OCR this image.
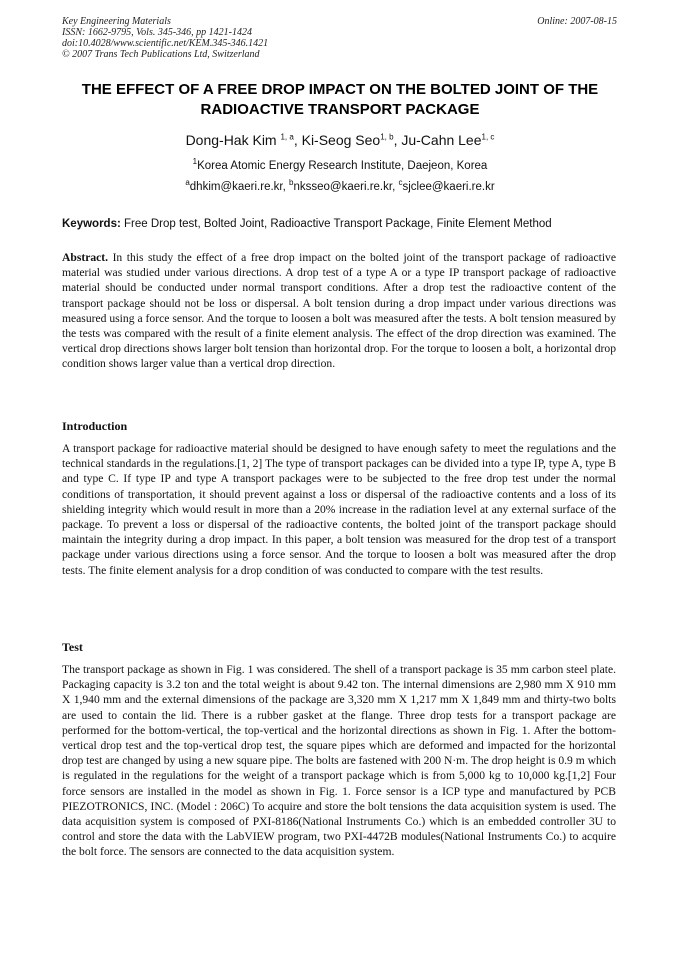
Key Engineering Materials
ISSN: 1662-9795, Vols. 345-346, pp 1421-1424
doi:10.4028/www.scientific.net/KEM.345-346.1421
© 2007 Trans Tech Publications Ltd, Switzerland
Online: 2007-08-15
THE EFFECT OF A FREE DROP IMPACT ON THE BOLTED JOINT OF THE RADIOACTIVE TRANSPORT PACKAGE
Dong-Hak Kim $^{1, a}$, Ki-Seog Seo$^{1, b}$, Ju-Cahn Lee$^{1, c}$
$^1$Korea Atomic Energy Research Institute, Daejeon, Korea
$^a$dhkim@kaeri.re.kr, $^b$nksseo@kaeri.re.kr, $^c$sjclee@kaeri.re.kr
Keywords: Free Drop test, Bolted Joint, Radioactive Transport Package, Finite Element Method
Abstract. In this study the effect of a free drop impact on the bolted joint of the transport package of radioactive material was studied under various directions. A drop test of a type A or a type IP transport package of radioactive material should be conducted under normal transport conditions. After a drop test the radioactive content of the transport package should not be loss or dispersal. A bolt tension during a drop impact under various directions was measured using a force sensor. And the torque to loosen a bolt was measured after the tests. A bolt tension measured by the tests was compared with the result of a finite element analysis. The effect of the drop direction was examined. The vertical drop directions shows larger bolt tension than horizontal drop. For the torque to loosen a bolt, a horizontal drop condition shows larger value than a vertical drop direction.
Introduction
A transport package for radioactive material should be designed to have enough safety to meet the regulations and the technical standards in the regulations.[1, 2] The type of transport packages can be divided into a type IP, type A, type B and type C. If type IP and type A transport packages were to be subjected to the free drop test under the normal conditions of transportation, it should prevent against a loss or dispersal of the radioactive contents and a loss of its shielding integrity which would result in more than a 20% increase in the radiation level at any external surface of the package. To prevent a loss or dispersal of the radioactive contents, the bolted joint of the transport package should maintain the integrity during a drop impact. In this paper, a bolt tension was measured for the drop test of a transport package under various directions using a force sensor. And the torque to loosen a bolt was measured after the drop tests. The finite element analysis for a drop condition of was conducted to compare with the test results.
Test
The transport package as shown in Fig. 1 was considered. The shell of a transport package is 35 mm carbon steel plate. Packaging capacity is 3.2 ton and the total weight is about 9.42 ton. The internal dimensions are 2,980 mm X 910 mm X 1,940 mm and the external dimensions of the package are 3,320 mm X 1,217 mm X 1,849 mm and thirty-two bolts are used to contain the lid. There is a rubber gasket at the flange. Three drop tests for a transport package are performed for the bottom-vertical, the top-vertical and the horizontal directions as shown in Fig. 1. After the bottom-vertical drop test and the top-vertical drop test, the square pipes which are deformed and impacted for the horizontal drop test are changed by using a new square pipe. The bolts are fastened with 200 N·m. The drop height is 0.9 m which is regulated in the regulations for the weight of a transport package which is from 5,000 kg to 10,000 kg.[1,2] Four force sensors are installed in the model as shown in Fig. 1. Force sensor is a ICP type and manufactured by PCB PIEZOTRONICS, INC. (Model : 206C) To acquire and store the bolt tensions the data acquisition system is used. The data acquisition system is composed of PXI-8186(National Instruments Co.) which is an embedded controller 3U to control and store the data with the LabVIEW program, two PXI-4472B modules(National Instruments Co.) to acquire the bolt force. The sensors are connected to the data acquisition system.
